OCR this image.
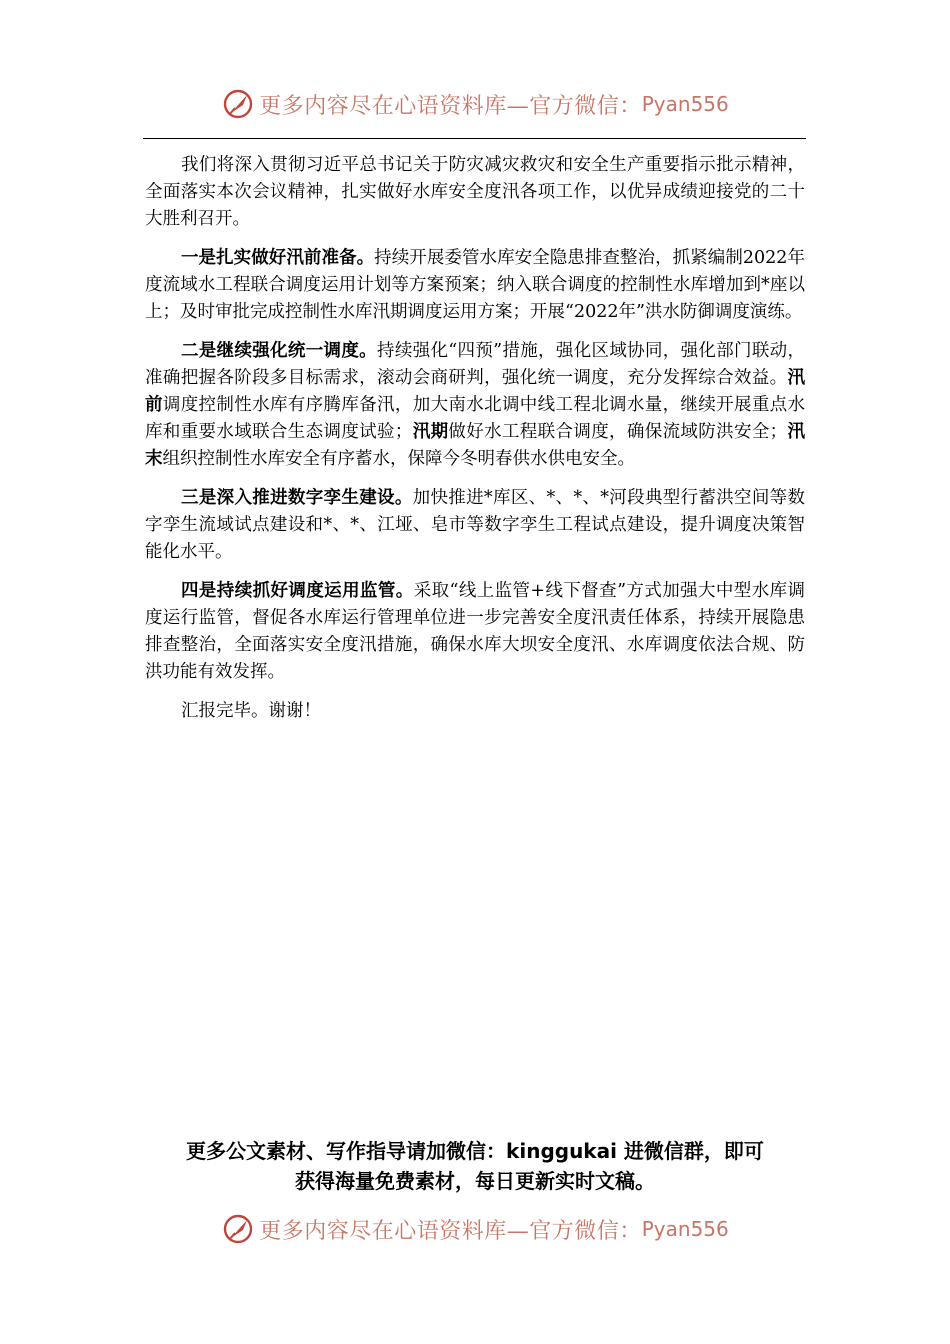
更多内容尽在心语资料库—官方微信： Pyan556

我们将深入贯彻习近平总书记关于防灾减灾救灾和安全生产重要指示批示精神，全面落实本次会议精神，扎实做好水库安全度汛各项工作，以优异成绩迎接党的二十大胜利召开。

一是扎实做好汛前准备。持续开展委管水库安全隐患排查整治，抓紧编制2022年度流域水工程联合调度运用计划等方案预案；纳入联合调度的控制性水库增加到*座以上；及时审批完成控制性水库汛期调度运用方案；开展“2022年”洪水防御调度演练。

二是继续强化统一调度。持续强化“四预”措施，强化区域协同，强化部门联动，准确把握各阶段多目标需求，滚动会商研判，强化统一调度，充分发挥综合效益。汛前调度控制性水库有序腾库备汛，加大南水北调中线工程北调水量，继续开展重点水库和重要水域联合生态调度试验；汛期做好水工程联合调度，确保流域防洪安全；汛末组织控制性水库安全有序蓄水，保障今冬明春供水供电安全。

三是深入推进数字孪生建设。加快推进*库区、*、*、*河段典型行蓄洪空间等数字孪生流域试点建设和*、*、江垭、皂市等数字孪生工程试点建设，提升调度决策智能化水平。

四是持续抓好调度运用监管。采取“线上监管+线下督查”方式加强大中型水库调度运行监管，督促各水库运行管理单位进一步完善安全度汛责任体系，持续开展隐患排查整治，全面落实安全度汛措施，确保水库大坝安全度汛、水库调度依法合规、防洪功能有效发挥。

汇报完毕。谢谢！

更多公文素材、写作指导请加微信：kinggukai 进微信群，即可
获得海量免费素材，每日更新实时文稿。
更多内容尽在心语资料库—官方微信： Pyan556
